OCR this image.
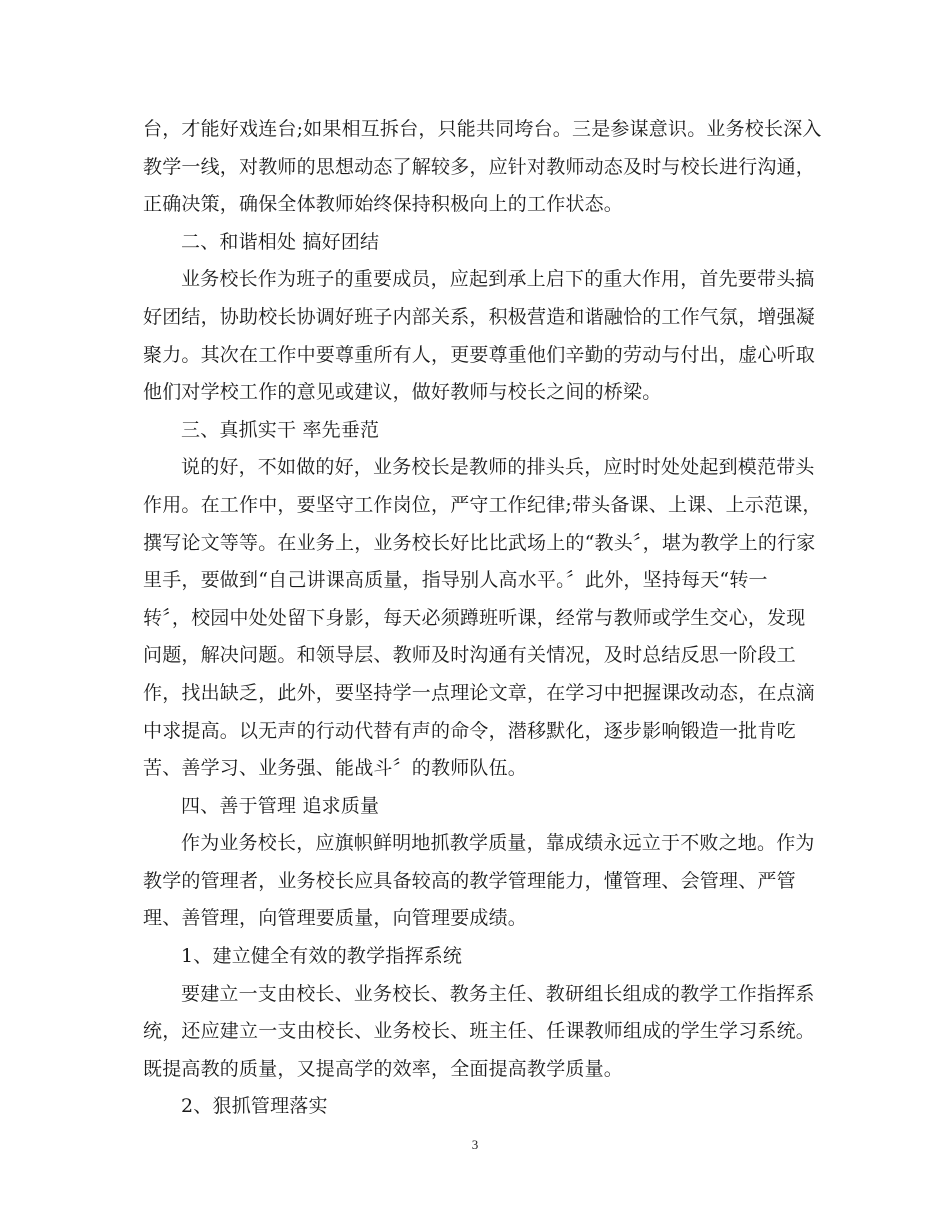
台，才能好戏连台;如果相互拆台，只能共同垮台。三是参谋意识。业务校长深入
教学一线，对教师的思想动态了解较多，应针对教师动态及时与校长进行沟通，
正确决策，确保全体教师始终保持积极向上的工作状态。
二、和谐相处 搞好团结
业务校长作为班子的重要成员，应起到承上启下的重大作用，首先要带头搞
好团结，协助校长协调好班子内部关系，积极营造和谐融恰的工作气氛，增强凝
聚力。其次在工作中要尊重所有人，更要尊重他们辛勤的劳动与付出，虚心听取
他们对学校工作的意见或建议，做好教师与校长之间的桥梁。
三、真抓实干 率先垂范
说的好，不如做的好，业务校长是教师的排头兵，应时时处处起到模范带头
作用。在工作中，要坚守工作岗位，严守工作纪律;带头备课、上课、上示范课，
撰写论文等等。在业务上，业务校长好比比武场上的“教头〞，堪为教学上的行家
里手，要做到“自己讲课高质量，指导别人高水平。〞此外，坚持每天“转一
转〞，校园中处处留下身影，每天必须蹲班听课，经常与教师或学生交心，发现
问题，解决问题。和领导层、教师及时沟通有关情况，及时总结反思一阶段工
作，找出缺乏，此外，要坚持学一点理论文章，在学习中把握课改动态，在点滴
中求提高。以无声的行动代替有声的命令，潜移默化，逐步影响锻造一批肯吃
苦、善学习、业务强、能战斗〞的教师队伍。
四、善于管理 追求质量
作为业务校长，应旗帜鲜明地抓教学质量，靠成绩永远立于不败之地。作为
教学的管理者，业务校长应具备较高的教学管理能力，懂管理、会管理、严管
理、善管理，向管理要质量，向管理要成绩。
1、建立健全有效的教学指挥系统
要建立一支由校长、业务校长、教务主任、教研组长组成的教学工作指挥系
统，还应建立一支由校长、业务校长、班主任、任课教师组成的学生学习系统。
既提高教的质量，又提高学的效率，全面提高教学质量。
2、狠抓管理落实
3
